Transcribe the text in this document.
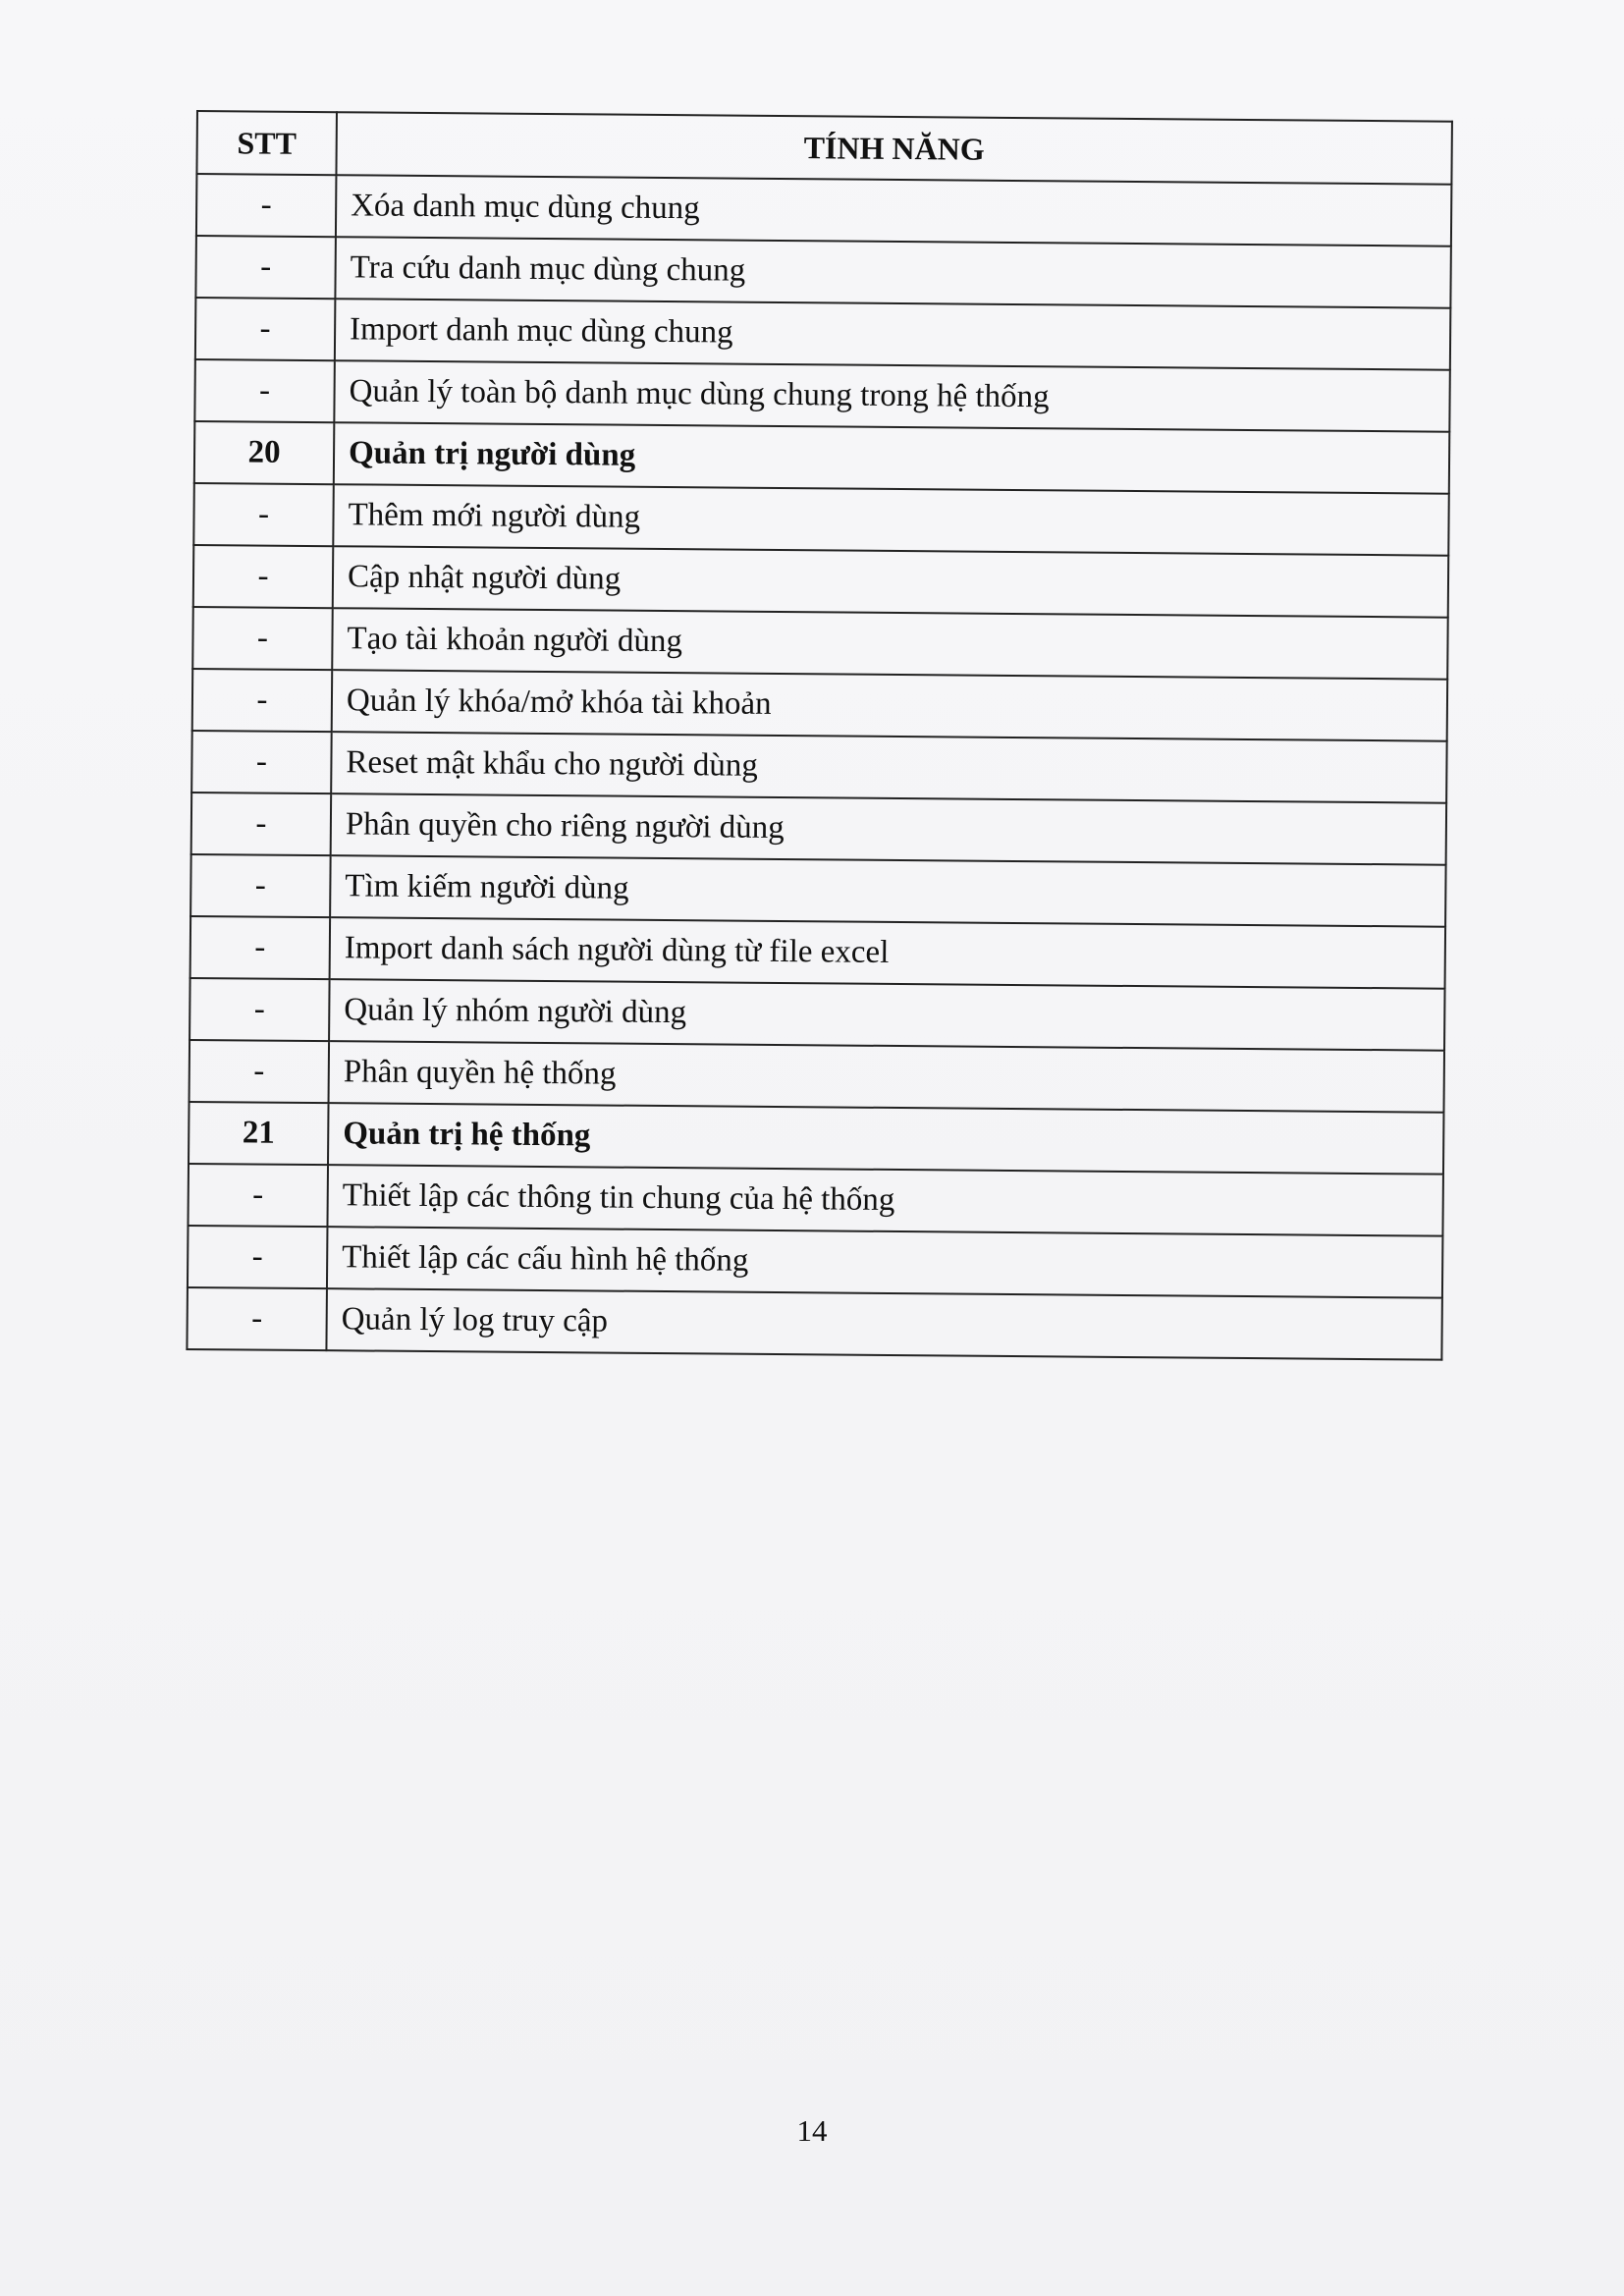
STT	TÍNH NĂNG
-	Xóa danh mục dùng chung
-	Tra cứu danh mục dùng chung
-	Import danh mục dùng chung
-	Quản lý toàn bộ danh mục dùng chung trong hệ thống
20	Quản trị người dùng
-	Thêm mới người dùng
-	Cập nhật người dùng
-	Tạo tài khoản người dùng
-	Quản lý khóa/mở khóa tài khoản
-	Reset mật khẩu cho người dùng
-	Phân quyền cho riêng người dùng
-	Tìm kiếm người dùng
-	Import danh sách người dùng từ file excel
-	Quản lý nhóm người dùng
-	Phân quyền hệ thống
21	Quản trị hệ thống
-	Thiết lập các thông tin chung của hệ thống
-	Thiết lập các cấu hình hệ thống
-	Quản lý log truy cập
14
